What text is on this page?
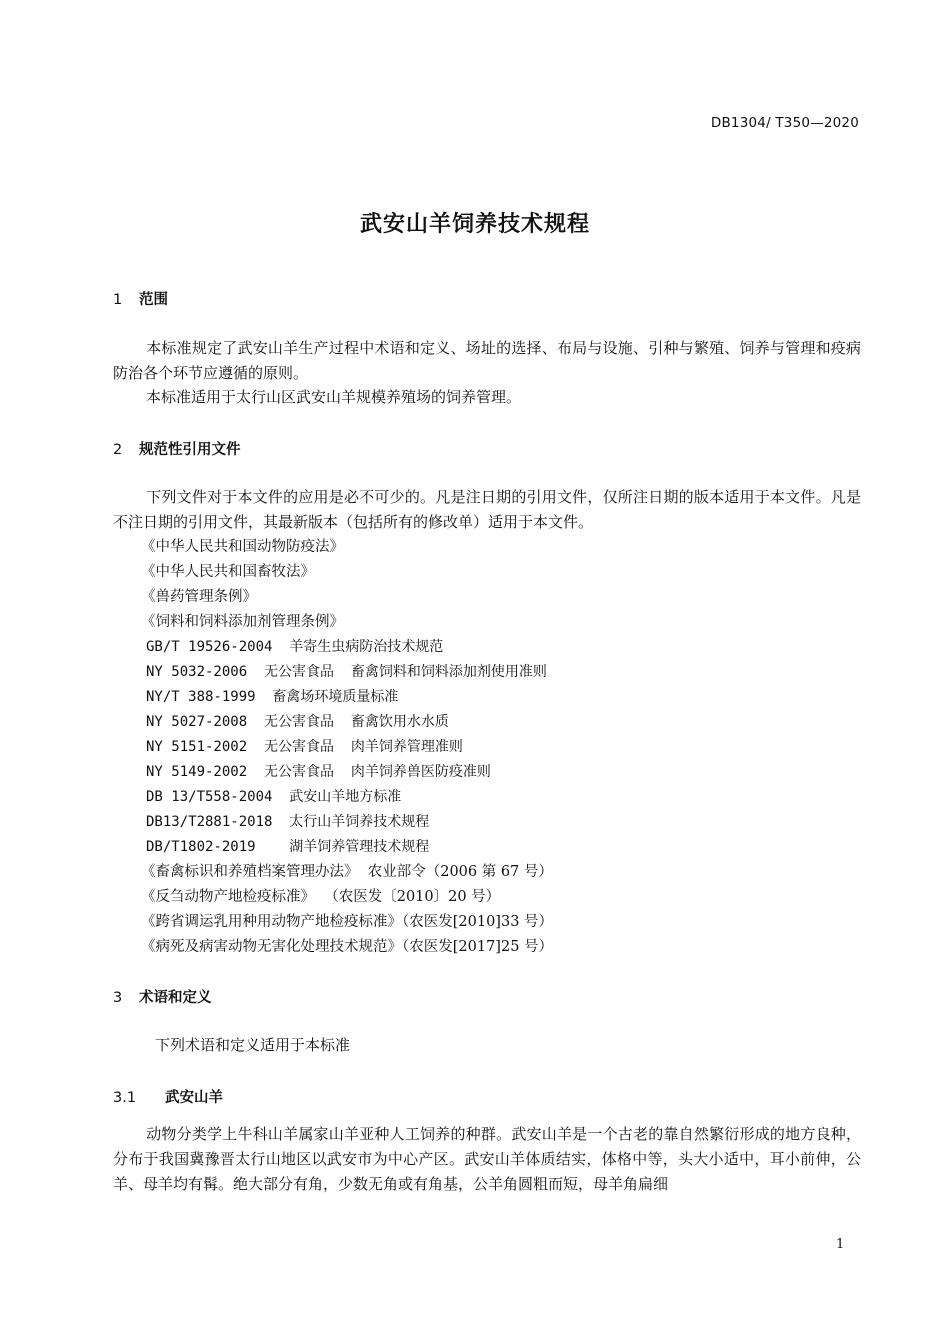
DB1304/ T350—2020
武安山羊饲养技术规程
1 范围
本标准规定了武安山羊生产过程中术语和定义、场址的选择、布局与设施、引种与繁殖、饲养与管理和疫病防治各个环节应遵循的原则。
本标准适用于太行山区武安山羊规模养殖场的饲养管理。
2 规范性引用文件
下列文件对于本文件的应用是必不可少的。凡是注日期的引用文件，仅所注日期的版本适用于本文件。凡是不注日期的引用文件，其最新版本（包括所有的修改单）适用于本文件。
《中华人民共和国动物防疫法》
《中华人民共和国畜牧法》
《兽药管理条例》
《饲料和饲料添加剂管理条例》
GB/T 19526-2004  羊寄生虫病防治技术规范
NY 5032-2006  无公害食品  畜禽饲料和饲料添加剂使用准则
NY/T 388-1999  畜禽场环境质量标准
NY 5027-2008  无公害食品  畜禽饮用水水质
NY 5151-2002  无公害食品  肉羊饲养管理准则
NY 5149-2002  无公害食品  肉羊饲养兽医防疫准则
DB 13/T558-2004  武安山羊地方标准
DB13/T2881-2018  太行山羊饲养技术规程
DB/T1802-2019    湖羊饲养管理技术规程
《畜禽标识和养殖档案管理办法》  农业部令（2006 第 67 号）
《反刍动物产地检疫标准》  （农医发〔2010〕20 号）
《跨省调运乳用种用动物产地检疫标准》（农医发[2010]33 号）
《病死及病害动物无害化处理技术规范》（农医发[2017]25 号）
3 术语和定义
下列术语和定义适用于本标准
3.1 武安山羊
动物分类学上牛科山羊属家山羊亚种人工饲养的种群。武安山羊是一个古老的靠自然繁衍形成的地方良种，分布于我国冀豫晋太行山地区以武安市为中心产区。武安山羊体质结实，体格中等，头大小适中，耳小前伸，公羊、母羊均有髯。绝大部分有角，少数无角或有角基，公羊角圆粗而短，母羊角扁细
1
